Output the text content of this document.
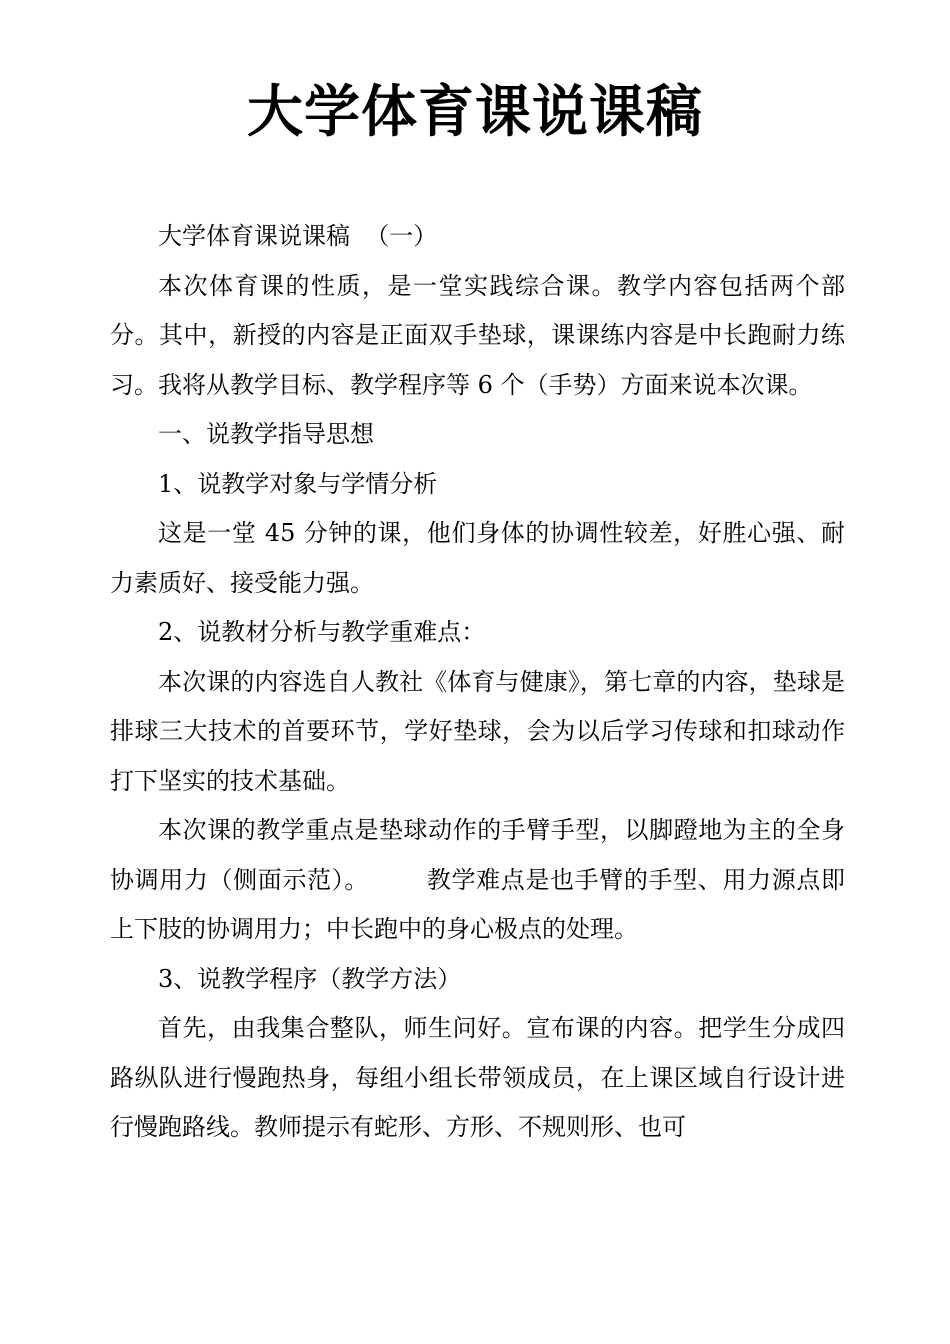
大学体育课说课稿

大学体育课说课稿  （一）

本次体育课的性质，是一堂实践综合课。教学内容包括两个部分。其中，新授的内容是正面双手垫球，课课练内容是中长跑耐力练习。我将从教学目标、教学程序等 6 个（手势）方面来说本次课。

一、说教学指导思想

1、说教学对象与学情分析

这是一堂 45 分钟的课，他们身体的协调性较差，好胜心强、耐力素质好、接受能力强。

2、说教材分析与教学重难点：

本次课的内容选自人教社《体育与健康》，第七章的内容，垫球是排球三大技术的首要环节，学好垫球，会为以后学习传球和扣球动作打下坚实的技术基础。

本次课的教学重点是垫球动作的手臂手型，以脚蹬地为主的全身协调用力（侧面示范）。       教学难点是也手臂的手型、用力源点即上下肢的协调用力；中长跑中的身心极点的处理。

3、说教学程序（教学方法）

首先，由我集合整队，师生问好。宣布课的内容。把学生分成四路纵队进行慢跑热身，每组小组长带领成员，在上课区域自行设计进行慢跑路线。教师提示有蛇形、方形、不规则形、也可
